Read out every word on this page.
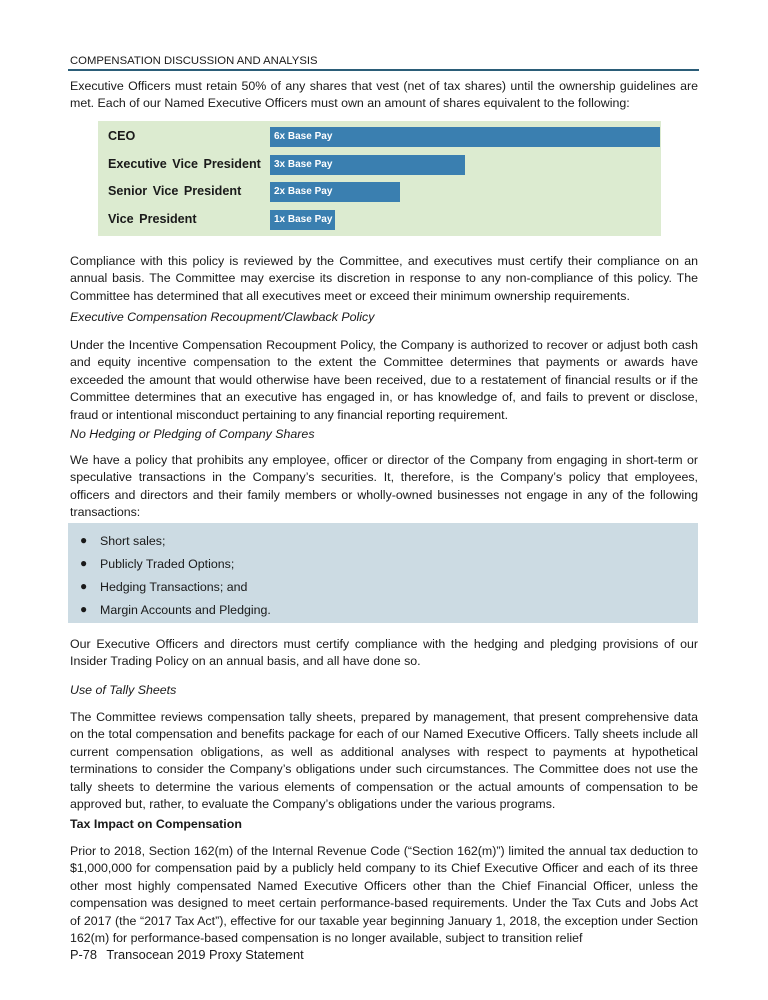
COMPENSATION DISCUSSION AND ANALYSIS

Executive Officers must retain 50% of any shares that vest (net of tax shares) until the ownership guidelines are met. Each of our Named Executive Officers must own an amount of shares equivalent to the following:

CEO	6x Base Pay
Executive Vice President 3x Base Pay
Senior Vice President	2x Base Pay
Vice President	1x Base Pay

Compliance with this policy is reviewed by the Committee, and executives must certify their compliance on an annual basis. The Committee may exercise its discretion in response to any non-compliance of this policy. The Committee has determined that all executives meet or exceed their minimum ownership requirements.

Executive Compensation Recoupment/Clawback Policy

Under the Incentive Compensation Recoupment Policy, the Company is authorized to recover or adjust both cash and equity incentive compensation to the extent the Committee determines that payments or awards have exceeded the amount that would otherwise have been received, due to a restatement of financial results or if the Committee determines that an executive has engaged in, or has knowledge of, and fails to prevent or disclose, fraud or intentional misconduct pertaining to any financial reporting requirement.

No Hedging or Pledging of Company Shares

We have a policy that prohibits any employee, officer or director of the Company from engaging in short-term or speculative transactions in the Company’s securities. It, therefore, is the Company’s policy that employees, officers and directors and their family members or wholly-owned businesses not engage in any of the following transactions:

● Short sales;
● Publicly Traded Options;
● Hedging Transactions; and
● Margin Accounts and Pledging.

Our Executive Officers and directors must certify compliance with the hedging and pledging provisions of our Insider Trading Policy on an annual basis, and all have done so.

Use of Tally Sheets

The Committee reviews compensation tally sheets, prepared by management, that present comprehensive data on the total compensation and benefits package for each of our Named Executive Officers. Tally sheets include all current compensation obligations, as well as additional analyses with respect to payments at hypothetical terminations to consider the Company’s obligations under such circumstances. The Committee does not use the tally sheets to determine the various elements of compensation or the actual amounts of compensation to be approved but, rather, to evaluate the Company’s obligations under the various programs.

Tax Impact on Compensation

Prior to 2018, Section 162(m) of the Internal Revenue Code (“Section 162(m)”) limited the annual tax deduction to $1,000,000 for compensation paid by a publicly held company to its Chief Executive Officer and each of its three other most highly compensated Named Executive Officers other than the Chief Financial Officer, unless the compensation was designed to meet certain performance-based requirements. Under the Tax Cuts and Jobs Act of 2017 (the “2017 Tax Act”), effective for our taxable year beginning January 1, 2018, the exception under Section 162(m) for performance-based compensation is no longer available, subject to transition relief

P-78 Transocean 2019 Proxy Statement
